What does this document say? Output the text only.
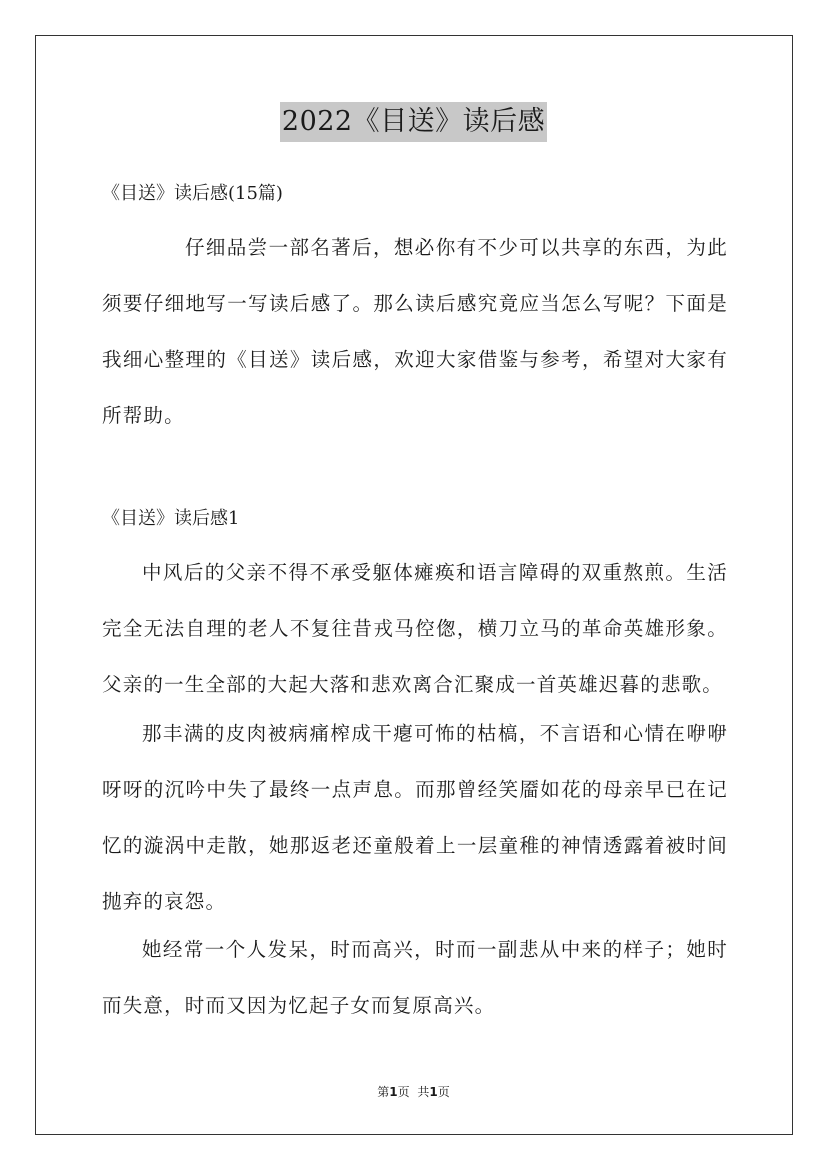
2022《目送》读后感
《目送》读后感(15篇)

仔细品尝一部名著后，想必你有不少可以共享的东西，为此须要仔细地写一写读后感了。那么读后感究竟应当怎么写呢？下面是我细心整理的《目送》读后感，欢迎大家借鉴与参考，希望对大家有所帮助。

《目送》读后感1

中风后的父亲不得不承受躯体瘫痪和语言障碍的双重熬煎。生活完全无法自理的老人不复往昔戎马倥偬，横刀立马的革命英雄形象。父亲的一生全部的大起大落和悲欢离合汇聚成一首英雄迟暮的悲歌。

那丰满的皮肉被病痛榨成干瘪可怖的枯槁，不言语和心情在咿咿呀呀的沉吟中失了最终一点声息。而那曾经笑靥如花的母亲早已在记忆的漩涡中走散，她那返老还童般着上一层童稚的神情透露着被时间抛弃的哀怨。

她经常一个人发呆，时而高兴，时而一副悲从中来的样子；她时而失意，时而又因为忆起子女而复原高兴。

第1页 共1页
